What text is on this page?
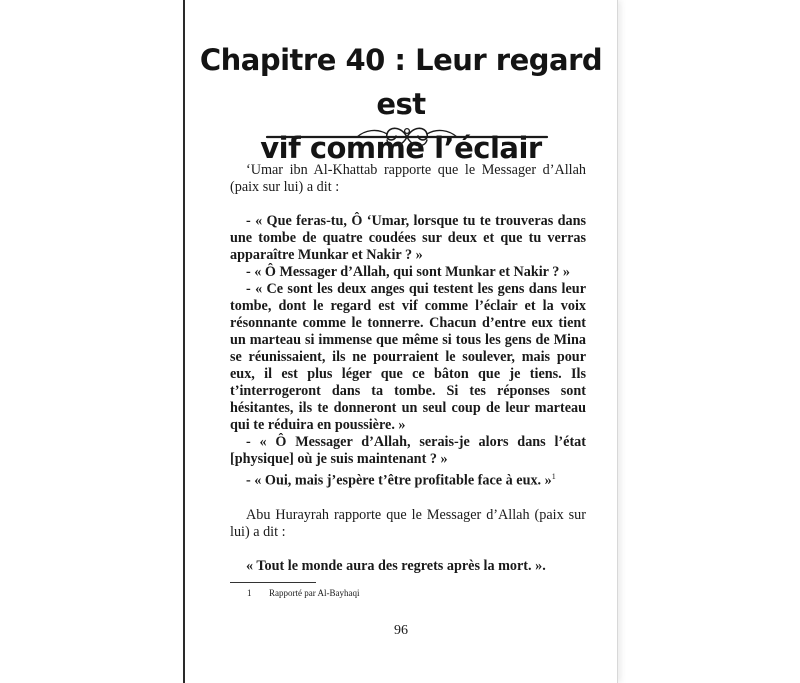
Chapitre 40 : Leur regard est
vif comme l’éclair

‘Umar ibn Al-Khattab rapporte que le Messager d’Allah (paix sur lui) a dit :

- « Que feras-tu, Ô ‘Umar, lorsque tu te trouveras dans une tombe de quatre coudées sur deux et que tu verras apparaître Munkar et Nakir ? »

- « Ô Messager d’Allah, qui sont Munkar et Nakir ? »

- « Ce sont les deux anges qui testent les gens dans leur tombe, dont le regard est vif comme l’éclair et la voix résonnante comme le tonnerre. Chacun d’entre eux tient un marteau si immense que même si tous les gens de Mina se réunissaient, ils ne pourraient le soulever, mais pour eux, il est plus léger que ce bâton que je tiens. Ils t’interrogeront dans ta tombe. Si tes réponses sont hésitantes, ils te donneront un seul coup de leur marteau qui te réduira en poussière. »

- « Ô Messager d’Allah, serais-je alors dans l’état [physique] où je suis maintenant ? »

- « Oui, mais j’espère t’être profitable face à eux. »$^1$

Abu Hurayrah rapporte que le Messager d’Allah (paix sur lui) a dit :

« Tout le monde aura des regrets après la mort. ».

1 Rapporté par Al-Bayhaqi
96
